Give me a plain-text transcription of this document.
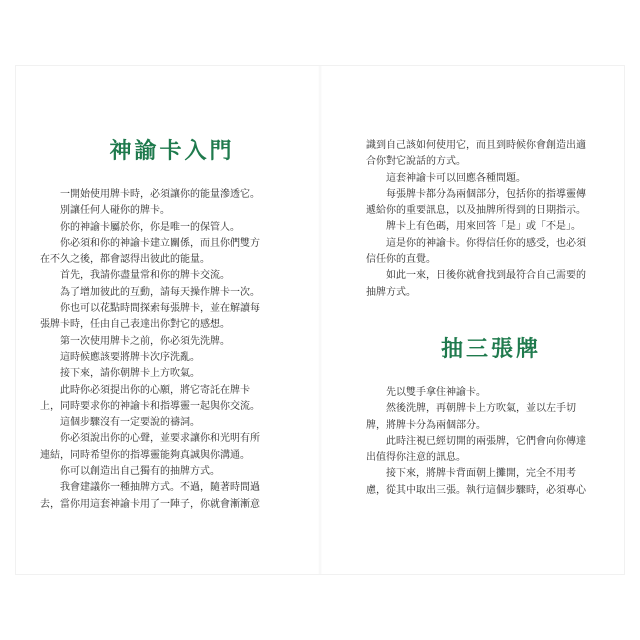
神諭卡入門
一開始使用牌卡時，必須讓你的能量滲透它。
別讓任何人碰你的牌卡。
你的神諭卡屬於你，你是唯一的保管人。
你必須和你的神諭卡建立關係，而且你們雙方
在不久之後，都會認得出彼此的能量。
首先，我請你盡量常和你的牌卡交流。
為了增加彼此的互動，請每天操作牌卡一次。
你也可以花點時間探索每張牌卡，並在解讀每
張牌卡時，任由自己表達出你對它的感想。
第一次使用牌卡之前，你必須先洗牌。
這時候應該要將牌卡次序洗亂。
接下來，請你朝牌卡上方吹氣。
此時你必須提出你的心願，將它寄託在牌卡
上，同時要求你的神諭卡和指導靈一起與你交流。
這個步驟沒有一定要說的禱詞。
你必須說出你的心聲，並要求讓你和光明有所
連結，同時希望你的指導靈能夠真誠與你溝通。
你可以創造出自己獨有的抽牌方式。
我會建議你一種抽牌方式。不過，隨著時間過
去，當你用這套神諭卡用了一陣子，你就會漸漸意
識到自己該如何使用它，而且到時候你會創造出適
合你對它說話的方式。
這套神諭卡可以回應各種問題。
每張牌卡都分為兩個部分，包括你的指導靈傳
遞給你的重要訊息，以及抽牌所得到的日期指示。
牌卡上有色碼，用來回答「是」或「不是」。
這是你的神諭卡。你得信任你的感受，也必須
信任你的直覺。
如此一來，日後你就會找到最符合自己需要的
抽牌方式。
抽三張牌
先以雙手拿住神諭卡。
然後洗牌，再朝牌卡上方吹氣，並以左手切
牌，將牌卡分為兩個部分。
此時注視已經切開的兩張牌，它們會向你傳達
出值得你注意的訊息。
接下來，將牌卡背面朝上攤開，完全不用考
慮，從其中取出三張。執行這個步驟時，必須專心
